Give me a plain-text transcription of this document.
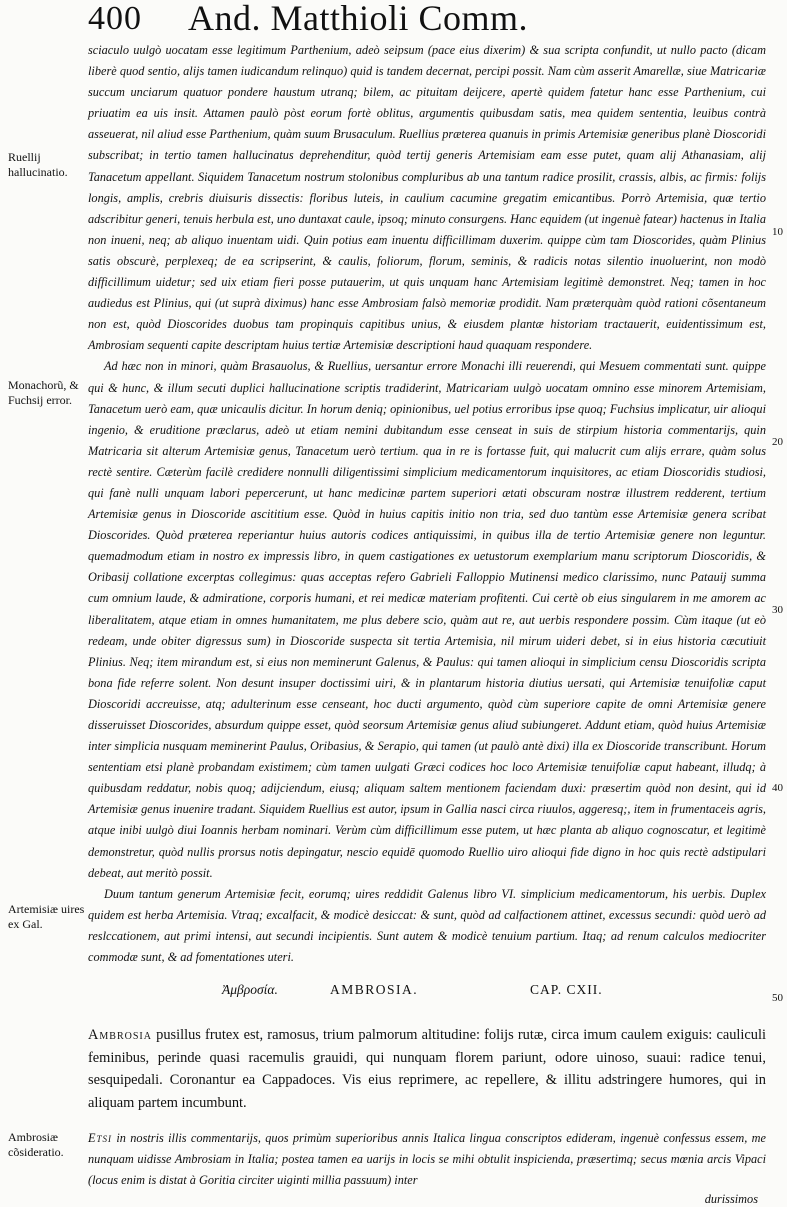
400 And. Matthioli Comm.
Ruellij hallucinatio.
Monachorũ, & Fuchsij error.
Artemisiæ uires ex Gal.
Ambrosiæ cõsideratio.
10
20
30
40
50

sciaculo uulgò uocatam esse legitimum Parthenium, adeò seipsum (pace eius dixerim) & sua scripta confundit, ut nullo pacto (dicam liberè quod sentio, alijs tamen iudicandum relinquo) quid is tandem decernat, percipi possit. Nam cùm asserit Amarellæ, siue Matricariæ succum unciarum quatuor pondere haustum utranq; bilem, ac pituitam deijcere, apertè quidem fatetur hanc esse Parthenium, cui priuatim ea uis insit. Attamen paulò pòst eorum fortè oblitus, argumentis quibusdam satis, mea quidem sententia, leuibus contrà asseuerat, nil aliud esse Parthenium, quàm suum Brusaculum. Ruellius præterea quanuis in primis Artemisiæ generibus planè Dioscoridi subscribat; in tertio tamen hallucinatus deprehenditur, quòd tertij generis Artemisiam eam esse putet, quam alij Athanasiam, alij Tanacetum appellant. Siquidem Tanacetum nostrum stolonibus compluribus ab una tantum radice prosilit, crassis, albis, ac firmis: folijs longis, amplis, crebris diuisuris dissectis: floribus luteis, in caulium cacumine gregatim emicantibus. Porrò Artemisia, quæ tertio adscribitur generi, tenuis herbula est, uno duntaxat caule, ipsoq; minuto consurgens. Hanc equidem (ut ingenuè fatear) hactenus in Italia non inueni, neq; ab aliquo inuentam uidi. Quin potius eam inuentu difficillimam duxerim. quippe cùm tam Dioscorides, quàm Plinius satis obscurè, perplexeq; de ea scripserint, & caulis, foliorum, florum, seminis, & radicis notas silentio inuoluerint, non modò difficillimum uidetur; sed uix etiam fieri posse putauerim, ut quis unquam hanc Artemisiam legitimè demonstret. Neq; tamen in hoc audiedus est Plinius, qui (ut suprà diximus) hanc esse Ambrosiam falsò memoriæ prodidit. Nam præterquàm quòd rationi cõsentaneum non est, quòd Dioscorides duobus tam propinquis capitibus unius, & eiusdem plantæ historiam tractauerit, euidentissimum est, Ambrosiam sequenti capite descriptam huius tertiæ Artemisiæ descriptioni haud quaquam respondere.

Ad hæc non in minori, quàm Brasauolus, & Ruellius, uersantur errore Monachi illi reuerendi, qui Mesuem commentati sunt. quippe qui & hunc, & illum secuti duplici hallucinatione scriptis tradiderint, Matricariam uulgò uocatam omnino esse minorem Artemisiam, Tanacetum uerò eam, quæ unicaulis dicitur. In horum deniq; opinionibus, uel potius erroribus ipse quoq; Fuchsius implicatur, uir alioqui ingenio, & eruditione præclarus, adeò ut etiam nemini dubitandum esse censeat in suis de stirpium historia commentarijs, quin Matricaria sit alterum Artemisiæ genus, Tanacetum uerò tertium. qua in re is fortasse fuit, qui malucrit cum alijs errare, quàm solus rectè sentire. Cæterùm facilè credidere nonnulli diligentissimi simplicium medicamentorum inquisitores, ac etiam Dioscoridis studiosi, qui fanè nulli unquam labori pepercerunt, ut hanc medicinæ partem superiori ætati obscuram nostræ illustrem redderent, tertium Artemisiæ genus in Dioscoride ascititium esse. Quòd in huius capitis initio non tria, sed duo tantùm esse Artemisiæ genera scribat Dioscorides. Quòd præterea reperiantur huius autoris codices antiquissimi, in quibus illa de tertio Artemisiæ genere non leguntur. quemadmodum etiam in nostro ex impressis libro, in quem castigationes ex uetustorum exemplarium manu scriptorum Dioscoridis, & Oribasij collatione excerptas collegimus: quas acceptas refero Gabrieli Falloppio Mutinensi medico clarissimo, nunc Patauij summa cum omnium laude, & admiratione, corporis humani, et rei medicæ materiam profitenti. Cui certè ob eius singularem in me amorem ac liberalitatem, atque etiam in omnes humanitatem, me plus debere scio, quàm aut re, aut uerbis respondere possim. Cùm itaque (ut eò redeam, unde obiter digressus sum) in Dioscoride suspecta sit tertia Artemisia, nil mirum uideri debet, si in eius historia cæcutiuit Plinius. Neq; item mirandum est, si eius non meminerunt Galenus, & Paulus: qui tamen alioqui in simplicium censu Dioscoridis scripta bona fide referre solent. Non desunt insuper doctissimi uiri, & in plantarum historia diutius uersati, qui Artemisiæ tenuifoliæ caput Dioscoridi accreuisse, atq; adulterinum esse censeant, hoc ducti argumento, quòd cùm superiore capite de omni Artemisiæ genere disseruisset Dioscorides, absurdum quippe esset, quòd seorsum Artemisiæ genus aliud subiungeret. Addunt etiam, quòd huius Artemisiæ inter simplicia nusquam meminerint Paulus, Oribasius, & Serapio, qui tamen (ut paulò antè dixi) illa ex Dioscoride transcribunt. Horum sententiam etsi planè probandam existimem; cùm tamen uulgati Græci codices hoc loco Artemisiæ tenuifoliæ caput habeant, illudq; à quibusdam reddatur, nobis quoq; adijciendum, eiusq; aliquam saltem mentionem faciendam duxi: præsertim quòd non desint, qui id Artemisiæ genus inuenire tradant. Siquidem Ruellius est autor, ipsum in Gallia nasci circa riuulos, aggeresq;, item in frumentaceis agris, atque inibi uulgò diui Ioannis herbam nominari. Verùm cùm difficillimum esse putem, ut hæc planta ab aliquo cognoscatur, et legitimè demonstretur, quòd nullis prorsus notis depingatur, nescio equidē quomodo Ruellio uiro alioqui fide digno in hoc quis rectè adstipulari debeat, aut meritò possit.

Duum tantum generum Artemisiæ fecit, eorumq; uires reddidit Galenus libro VI. simplicium medicamentorum, his uerbis. Duplex quidem est herba Artemisia. Vtraq; excalfacit, & modicè desiccat: & sunt, quòd ad calfactionem attinet, excessus secundi: quòd uerò ad reslccationem, aut primi intensi, aut secundi incipientis. Sunt autem & modicè tenuium partium. Itaq; ad renum calculos mediocriter commodæ sunt, & ad fomentationes uteri.

Ἀμβροσία.	AMBROSIA.	CAP. CXII.

Ambrosia pusillus frutex est, ramosus, trium palmorum altitudine: folijs rutæ, circa imum caulem exiguis: cauliculi feminibus, perinde quasi racemulis grauidi, qui nunquam florem pariunt, odore uinoso, suaui: radice tenui, sesquipedali. Coronantur ea Cappadoces. Vis eius reprimere, ac repellere, & illitu adstringere humores, qui in aliquam partem incumbunt.

Etsi in nostris illis commentarijs, quos primùm superioribus annis Italica lingua conscriptos edideram, ingenuè confessus essem, me nunquam uidisse Ambrosiam in Italia; postea tamen ea uarijs in locis se mihi obtulit inspicienda, præsertimq; secus mœnia arcis Vipaci (locus enim is distat à Goritia circiter uiginti millia passuum) inter

durissimos
